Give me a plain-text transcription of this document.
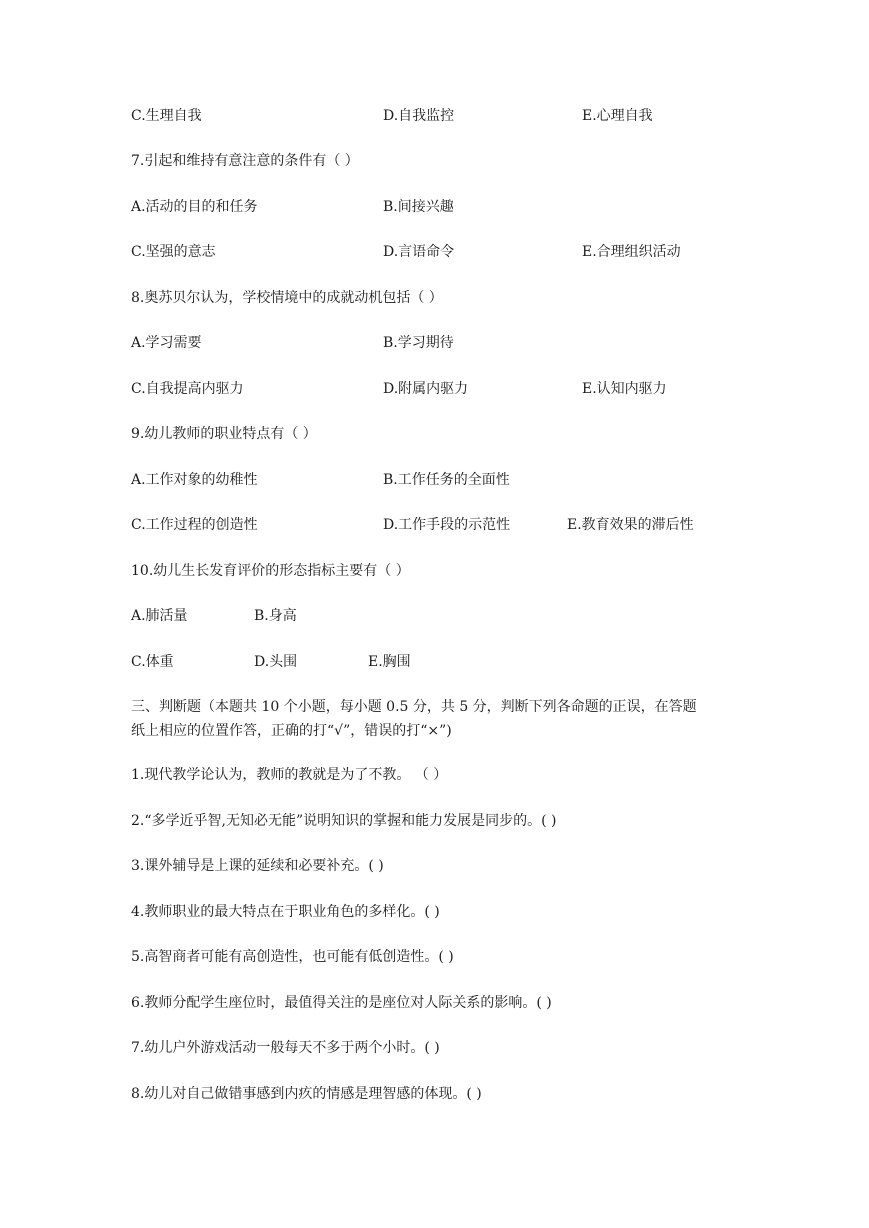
C.生理自我	D.自我监控	E.心理自我
7.引起和维持有意注意的条件有（ ）
A.活动的目的和任务	B.间接兴趣
C.坚强的意志	D.言语命令	E.合理组织活动
8.奥苏贝尔认为，学校情境中的成就动机包括（ ）
A.学习需要	B.学习期待
C.自我提高内驱力	D.附属内驱力	E.认知内驱力
9.幼儿教师的职业特点有（ ）
A.工作对象的幼稚性	B.工作任务的全面性
C.工作过程的创造性	D.工作手段的示范性	E.教育效果的滞后性
10.幼儿生长发育评价的形态指标主要有（ ）
A.肺活量	B.身高
C.体重	D.头围	E.胸围
三、判断题（本题共 10 个小题，每小题 0.5 分，共 5 分，判断下列各命题的正误，在答题
纸上相应的位置作答，正确的打“√”，错误的打“×”)
1.现代教学论认为，教师的教就是为了不教。 （ ）
2.“多学近乎智,无知必无能”说明知识的掌握和能力发展是同步的。( )
3.课外辅导是上课的延续和必要补充。( )
4.教师职业的最大特点在于职业角色的多样化。( )
5.高智商者可能有高创造性，也可能有低创造性。( )
6.教师分配学生座位时，最值得关注的是座位对人际关系的影响。( )
7.幼儿户外游戏活动一般每天不多于两个小时。( )
8.幼儿对自己做错事感到内疚的情感是理智感的体现。( )
